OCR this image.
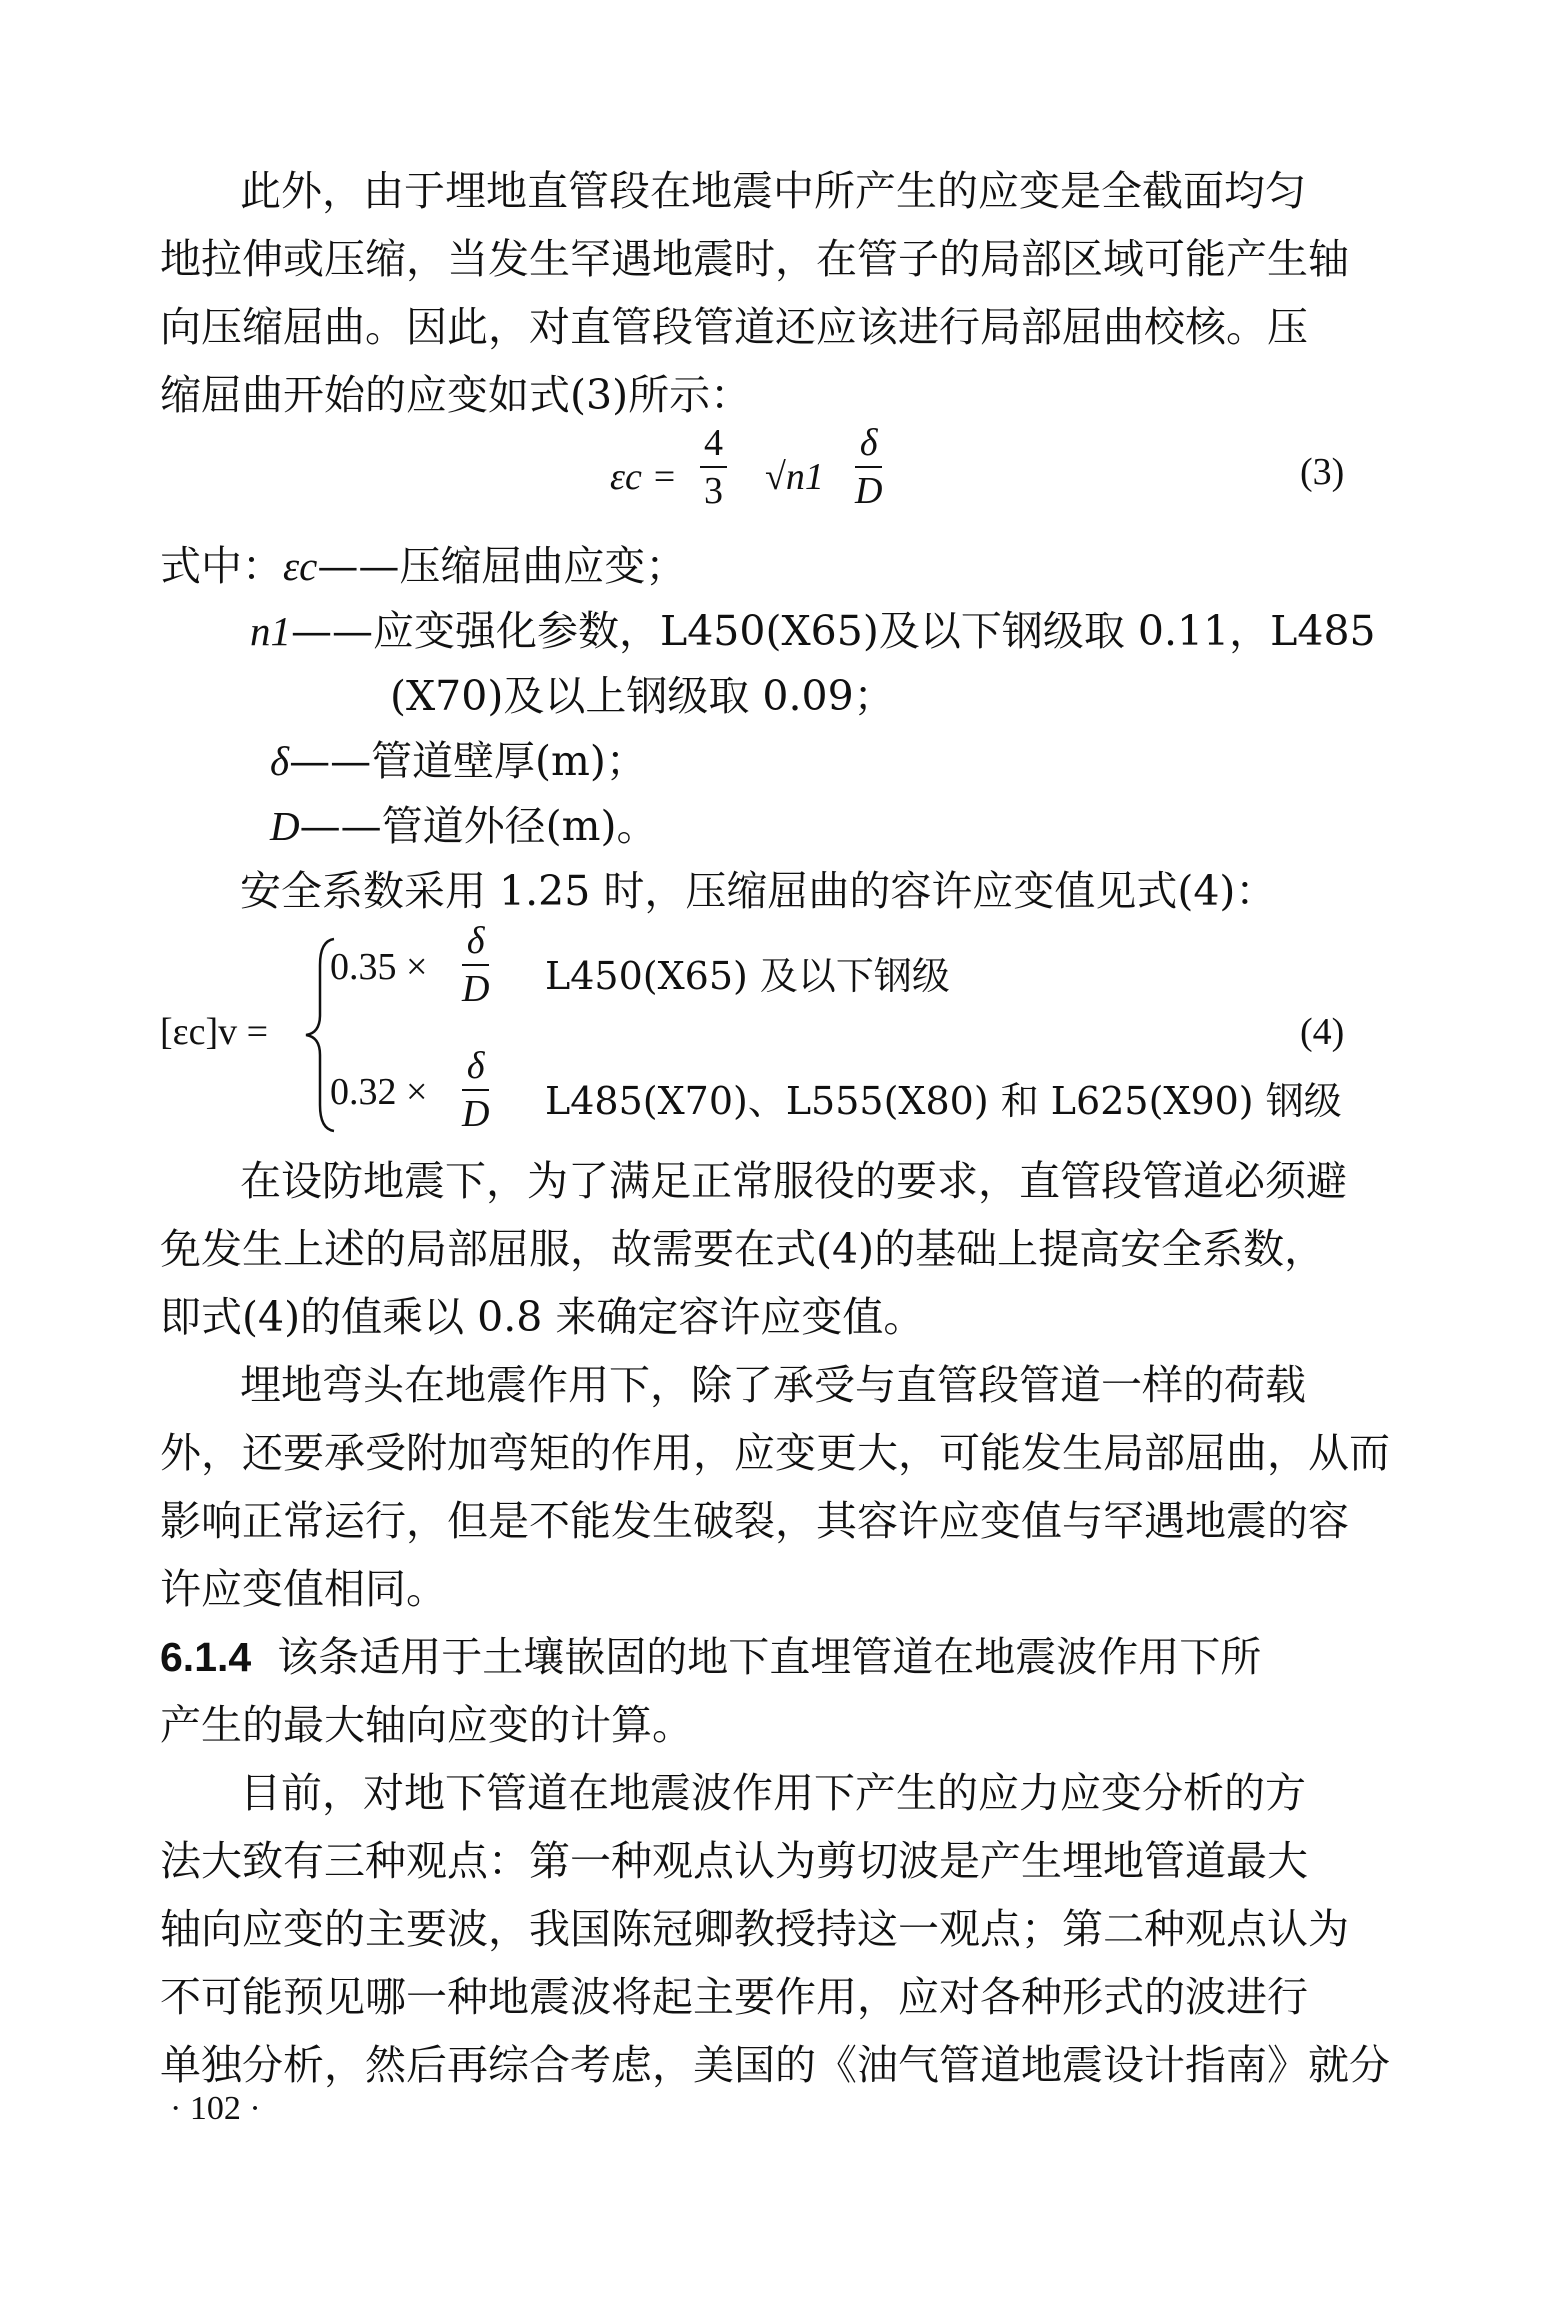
此外，由于埋地直管段在地震中所产生的应变是全截面均匀
地拉伸或压缩，当发生罕遇地震时，在管子的局部区域可能产生轴
向压缩屈曲。因此，对直管段管道还应该进行局部屈曲校核。压
缩屈曲开始的应变如式(3)所示：
$\varepsilon c = \frac{4}{3} √n1 \frac{\delta}{D}$	(3)
式中：εc——压缩屈曲应变；
n1——应变强化参数，L450(X65)及以下钢级取 0.11，L485
(X70)及以上钢级取 0.09；
δ——管道壁厚(m)；
D——管道外径(m)。
安全系数采用 1.25 时，压缩屈曲的容许应变值见式(4)：
[εc]v =
$0.35 \times \frac{\delta}{D} L450(X65)$ 及以下钢级
$0.32 \times \frac{\delta}{D} L485(X70)$、L555(X80) 和 L625(X90) 钢级
(4)
在设防地震下，为了满足正常服役的要求，直管段管道必须避
免发生上述的局部屈服，故需要在式(4)的基础上提高安全系数，
即式(4)的值乘以 0.8 来确定容许应变值。
埋地弯头在地震作用下，除了承受与直管段管道一样的荷载
外，还要承受附加弯矩的作用，应变更大，可能发生局部屈曲，从而
影响正常运行，但是不能发生破裂，其容许应变值与罕遇地震的容
许应变值相同。
6.1.4 该条适用于土壤嵌固的地下直埋管道在地震波作用下所
产生的最大轴向应变的计算。
目前，对地下管道在地震波作用下产生的应力应变分析的方
法大致有三种观点：第一种观点认为剪切波是产生埋地管道最大
轴向应变的主要波，我国陈冠卿教授持这一观点；第二种观点认为
不可能预见哪一种地震波将起主要作用，应对各种形式的波进行
单独分析，然后再综合考虑，美国的《油气管道地震设计指南》就分
· 102 ·
